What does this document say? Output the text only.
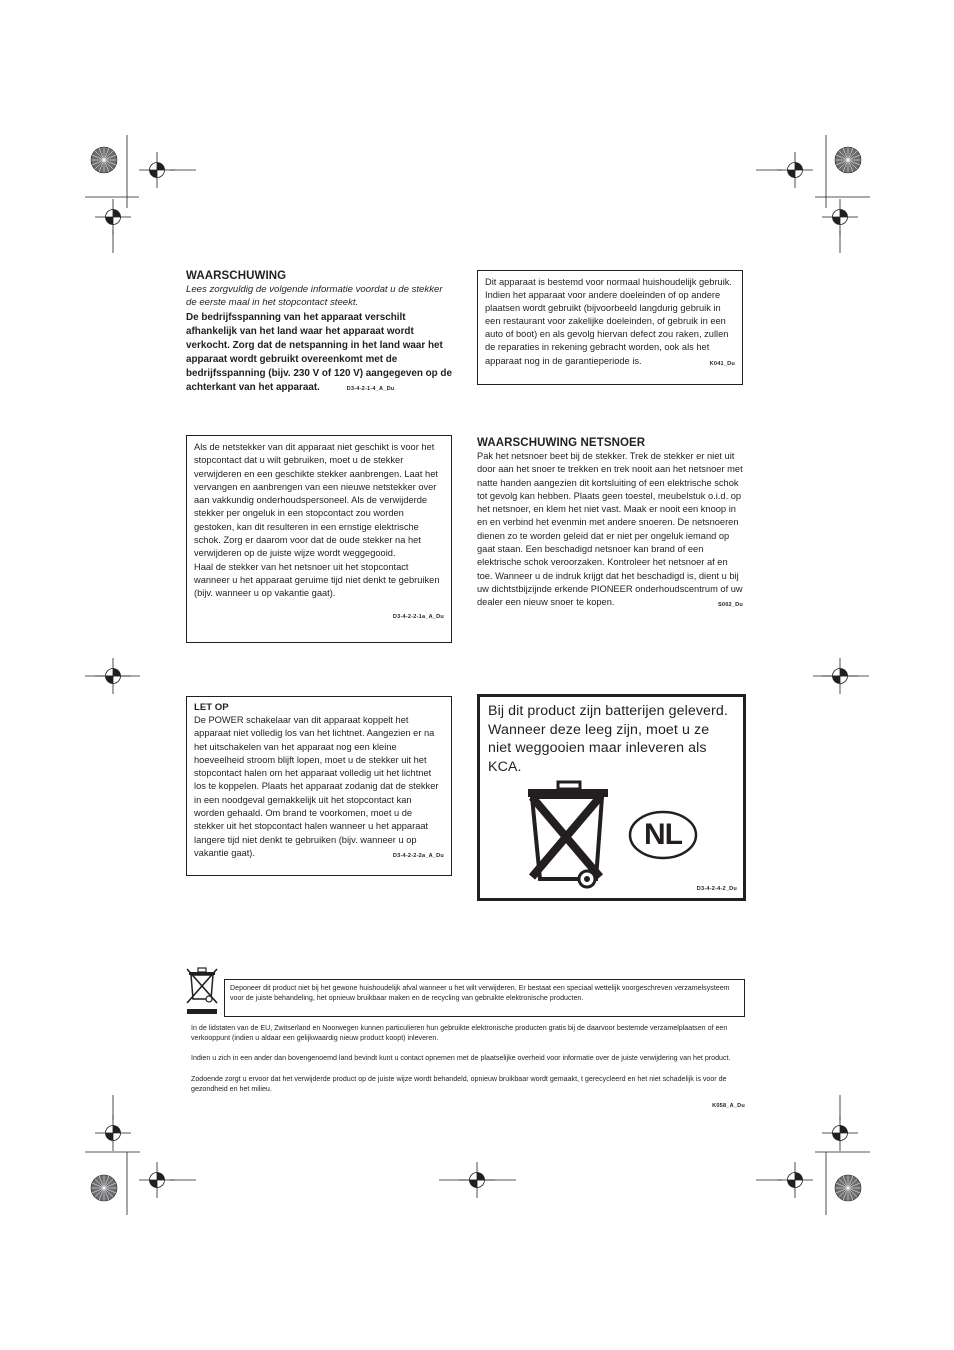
WAARSCHUWING
Lees zorgvuldig de volgende informatie voordat u de stekker de eerste maal in het stopcontact steekt.
De bedrijfsspanning van het apparaat verschilt afhankelijk van het land waar het apparaat wordt verkocht. Zorg dat de netspanning in het land waar het apparaat wordt gebruikt overeenkomt met de bedrijfsspanning (bijv. 230 V of 120 V) aangegeven op de achterkant van het apparaat.	D3-4-2-1-4_A_Du
Dit apparaat is bestemd voor normaal huishoudelijk gebruik. Indien het apparaat voor andere doeleinden of op andere plaatsen wordt gebruikt (bijvoorbeeld langdurig gebruik in een restaurant voor zakelijke doeleinden, of gebruik in een auto of boot) en als gevolg hiervan defect zou raken, zullen de reparaties in rekening gebracht worden, ook als het apparaat nog in de garantieperiode is.	K041_Du
Als de netstekker van dit apparaat niet geschikt is voor het stopcontact dat u wilt gebruiken, moet u de stekker verwijderen en een geschikte stekker aanbrengen. Laat het vervangen en aanbrengen van een nieuwe netstekker over aan vakkundig onderhoudspersoneel. Als de verwijderde stekker per ongeluk in een stopcontact zou worden gestoken, kan dit resulteren in een ernstige elektrische schok. Zorg er daarom voor dat de oude stekker na het verwijderen op de juiste wijze wordt weggegooid.
Haal de stekker van het netsnoer uit het stopcontact wanneer u het apparaat geruime tijd niet denkt te gebruiken (bijv. wanneer u op vakantie gaat).
D3-4-2-2-1a_A_Du
WAARSCHUWING NETSNOER
Pak het netsnoer beet bij de stekker. Trek de stekker er niet uit door aan het snoer te trekken en trek nooit aan het netsnoer met natte handen aangezien dit kortsluiting of een elektrische schok tot gevolg kan hebben. Plaats geen toestel, meubelstuk o.i.d. op het netsnoer, en klem het niet vast. Maak er nooit een knoop in en en verbind het evenmin met andere snoeren. De netsnoeren dienen zo te worden geleid dat er niet per ongeluk iemand op gaat staan. Een beschadigd netsnoer kan brand of een elektrische schok veroorzaken. Kontroleer het netsnoer af en toe. Wanneer u de indruk krijgt dat het beschadigd is, dient u bij uw dichtstbijzijnde erkende PIONEER onderhoudscentrum of uw dealer een nieuw snoer te kopen.	S002_Du
LET OP
De POWER schakelaar van dit apparaat koppelt het apparaat niet volledig los van het lichtnet. Aangezien er na het uitschakelen van het apparaat nog een kleine hoeveelheid stroom blijft lopen, moet u de stekker uit het stopcontact halen om het apparaat volledig uit het lichtnet los te koppelen. Plaats het apparaat zodanig dat de stekker in een noodgeval gemakkelijk uit het stopcontact kan worden gehaald. Om brand te voorkomen, moet u de stekker uit het stopcontact halen wanneer u het apparaat langere tijd niet denkt te gebruiken (bijv. wanneer u op vakantie gaat).	D3-4-2-2-2a_A_Du
Bij dit product zijn batterijen geleverd. Wanneer deze leeg zijn, moet u ze niet weggooien maar inleveren als KCA.
NL
D3-4-2-4-2_Du
Deponeer dit product niet bij het gewone huishoudelijk afval wanneer u het wilt verwijderen. Er bestaat een speciaal wettelijk voorgeschreven verzamelsysteem voor de juiste behandeling, het opnieuw bruikbaar maken en de recycling van gebruikte elektronische producten.
In de lidstaten van de EU, Zwitserland en Noorwegen kunnen particulieren hun gebruikte elektronische producten gratis bij de daarvoor bestemde verzamelplaatsen of een verkooppunt (indien u aldaar een gelijkwaardig nieuw product koopt) inleveren.
Indien u zich in een ander dan bovengenoemd land bevindt kunt u contact opnemen met de plaatselijke overheid voor informatie over de juiste verwijdering van het product.
Zodoende zorgt u ervoor dat het verwijderde product op de juiste wijze wordt behandeld, opnieuw bruikbaar wordt gemaakt, t gerecycleerd en het niet schadelijk is voor de gezondheid en het milieu.
K058_A_Du
